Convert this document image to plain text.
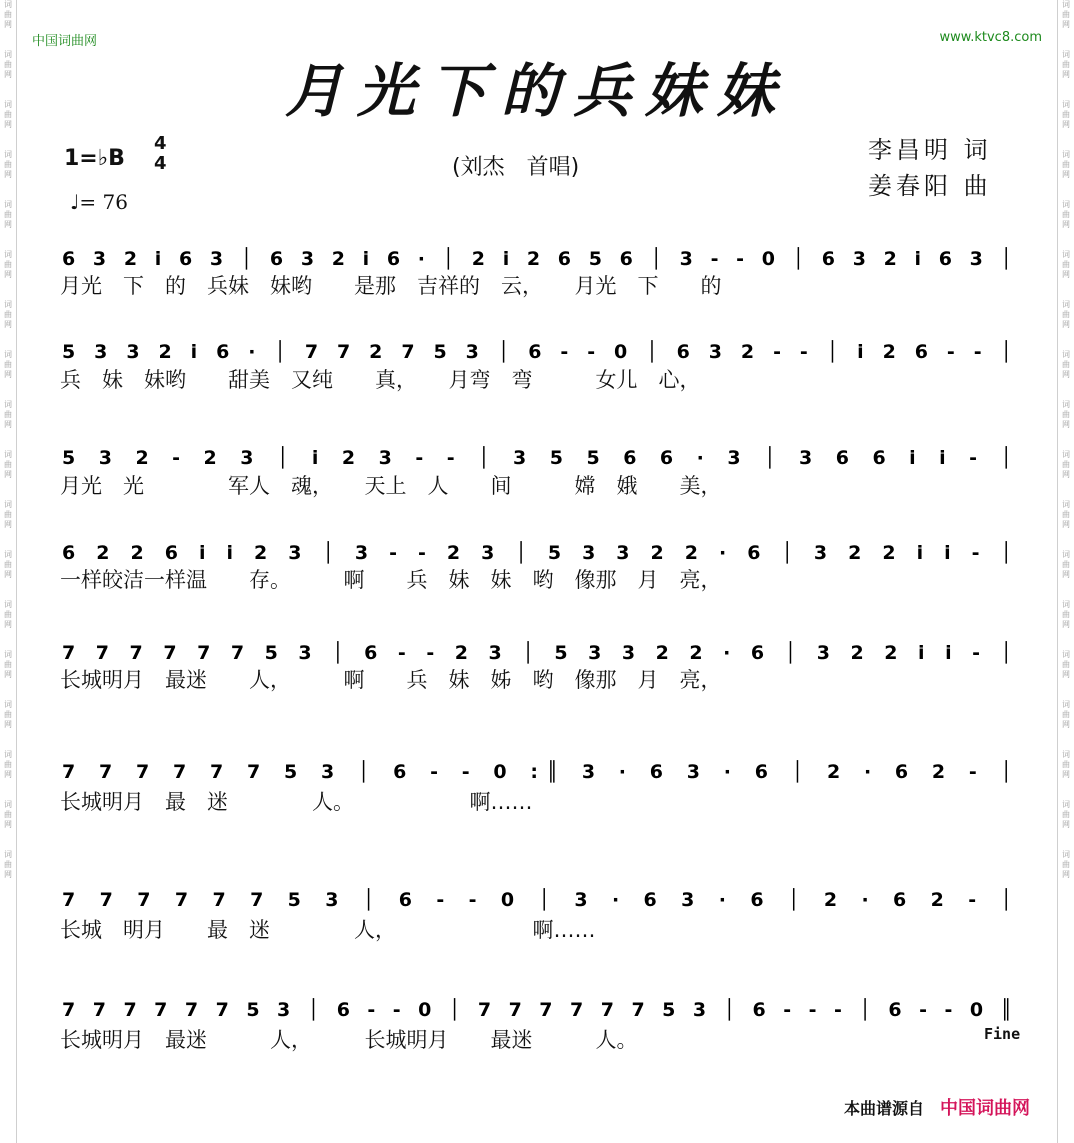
词
曲
网

词
曲
网

词
曲
网

词
曲
网

词
曲
网

词
曲
网

词
曲
网

词
曲
网

词
曲
网

词
曲
网

词
曲
网

词
曲
网

词
曲
网

词
曲
网

词
曲
网

词
曲
网

词
曲
网

词
曲
网

词
曲
网

词
曲
网

词
曲
网

词
曲
网

词
曲
网

词
曲
网

词
曲
网

词
曲
网

词
曲
网

词
曲
网

词
曲
网

词
曲
网

词
曲
网

词
曲
网

词
曲
网

词
曲
网

词
曲
网

词
曲
网

中国词曲网	www.ktvc8.com
月光下的兵妹妹
1=♭B
4
4
♩= 76
(刘杰　首唱)
李昌明 词
姜春阳 曲
6 3 2 i 6 3 │ 6 3 2 i 6 · │ 2 i 2 6 5 6 │ 3 - - 0 │ 6 3 2 i 6 3 │
5 3 3 2 i 6 · │ 7 7 2 7 5 3 │ 6 - - 0 │ 6 3 2 - - │ i 2 6 - - │
5 3 2 - 2 3 │ i 2 3 - - │ 3 5 5 6 6 · 3 │ 3 6 6 i i - │
6 2 2 6 i i 2 3 │ 3 - - 2 3 │ 5 3 3 2 2 · 6 │ 3 2 2 i i - │
7 7 7 7 7 7 5 3 │ 6 - - 2 3 │ 5 3 3 2 2 · 6 │ 3 2 2 i i - │
7 7 7 7 7 7 5 3 │ 6 - - 0 :║ 3 · 6 3 · 6 │ 2 · 6 2 - │
7 7 7 7 7 7 5 3 │ 6 - - 0 │ 3 · 6 3 · 6 │ 2 · 6 2 - │
7 7 7 7 7 7 5 3 │ 6 - - 0 │ 7 7 7 7 7 7 5 3 │ 6 - - - │ 6 - - 0 ║
月光　下　的　兵妹　妹哟　　是那　吉祥的　云，　　月光　下　　的
兵　妹　妹哟　　甜美　又纯　　真，　　月弯　弯　　　女儿　心，
月光　光　　　　军人　魂，　　天上　人　　间　　　嫦　娥　　美，
一样皎洁一样温　　存。　　　啊　　兵　妹　妹　哟　像那　月　亮，
长城明月　最迷　　人，　　　啊　　兵　妹　姊　哟　像那　月　亮，
长城明月　最　迷　　　　人。　　　　　　啊……
长城　明月　　最　迷　　　　人，　　　　　　　啊……
长城明月　最迷　　　人，　　　长城明月　　最迷　　　人。	Fine
本曲谱源自 中国词曲网
